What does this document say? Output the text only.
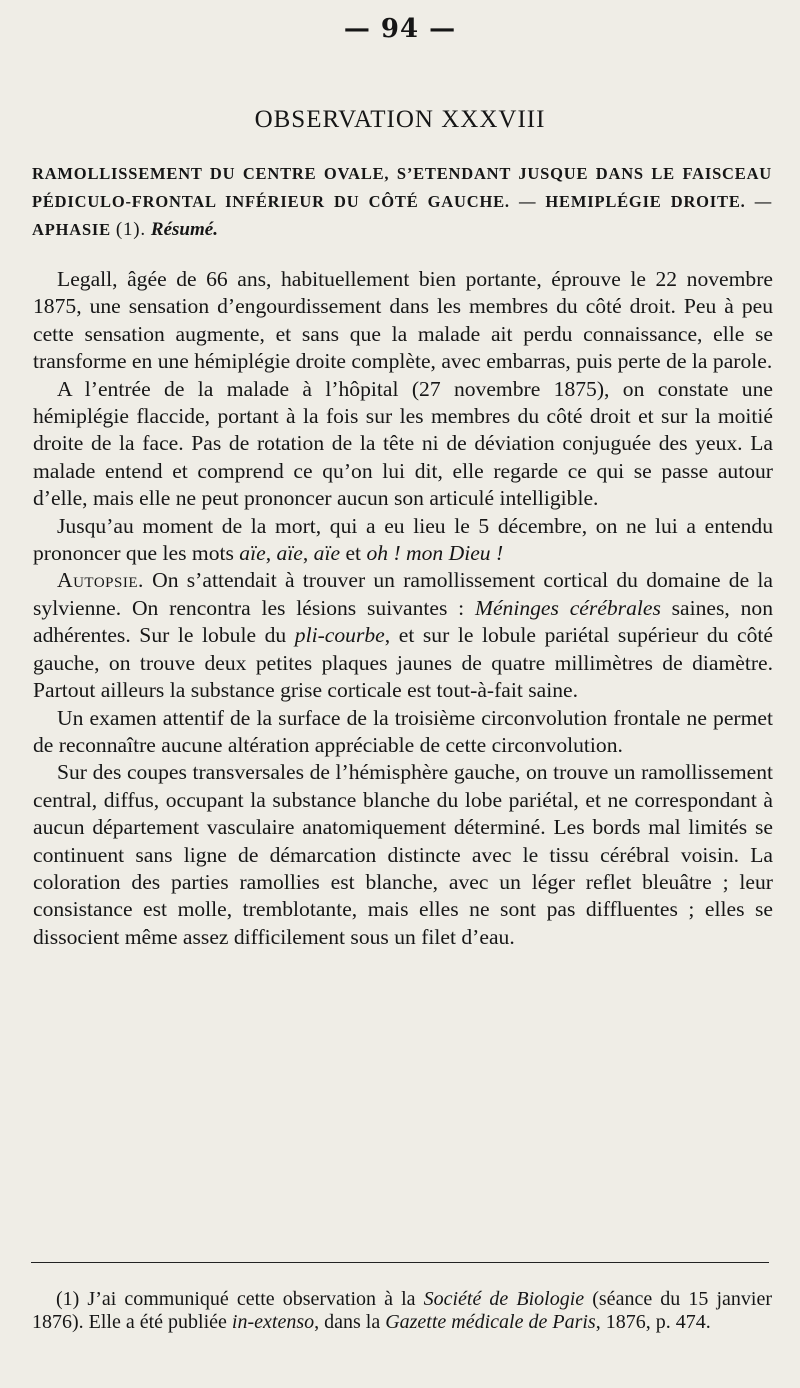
— 94 —
OBSERVATION XXXVIII
RAMOLLISSEMENT DU CENTRE OVALE, S’ETENDANT JUSQUE DANS LE FAISCEAU PÉDICULO-FRONTAL INFÉRIEUR DU CÔTÉ GAUCHE. — HEMIPLÉGIE DROITE. — APHASIE (1). Résumé.

Legall, âgée de 66 ans, habituellement bien portante, éprouve le 22 novembre 1875, une sensation d’engourdissement dans les membres du côté droit. Peu à peu cette sensation augmente, et sans que la malade ait perdu connaissance, elle se transforme en une hémiplégie droite complète, avec embarras, puis perte de la parole.

A l’entrée de la malade à l’hôpital (27 novembre 1875), on constate une hémiplégie flaccide, portant à la fois sur les membres du côté droit et sur la moitié droite de la face. Pas de rotation de la tête ni de déviation conjuguée des yeux. La malade entend et comprend ce qu’on lui dit, elle regarde ce qui se passe autour d’elle, mais elle ne peut prononcer aucun son articulé intelligible.

Jusqu’au moment de la mort, qui a eu lieu le 5 décembre, on ne lui a entendu prononcer que les mots aïe, aïe, aïe et oh ! mon Dieu !

Autopsie. On s’attendait à trouver un ramollissement cortical du domaine de la sylvienne. On rencontra les lésions suivantes : Méninges cérébrales saines, non adhérentes. Sur le lobule du pli-courbe, et sur le lobule pariétal supérieur du côté gauche, on trouve deux petites plaques jaunes de quatre millimètres de diamètre. Partout ailleurs la substance grise corticale est tout-à-fait saine.

Un examen attentif de la surface de la troisième circonvolution frontale ne permet de reconnaître aucune altération appréciable de cette circonvolution.

Sur des coupes transversales de l’hémisphère gauche, on trouve un ramollissement central, diffus, occupant la substance blanche du lobe pariétal, et ne correspondant à aucun département vasculaire anatomiquement déterminé. Les bords mal limités se continuent sans ligne de démarcation distincte avec le tissu cérébral voisin. La coloration des parties ramollies est blanche, avec un léger reflet bleuâtre ; leur consistance est molle, tremblotante, mais elles ne sont pas diffluentes ; elles se dissocient même assez difficilement sous un filet d’eau.

(1) J’ai communiqué cette observation à la Société de Biologie (séance du 15 janvier 1876). Elle a été publiée in-extenso, dans la Gazette médicale de Paris, 1876, p. 474.
